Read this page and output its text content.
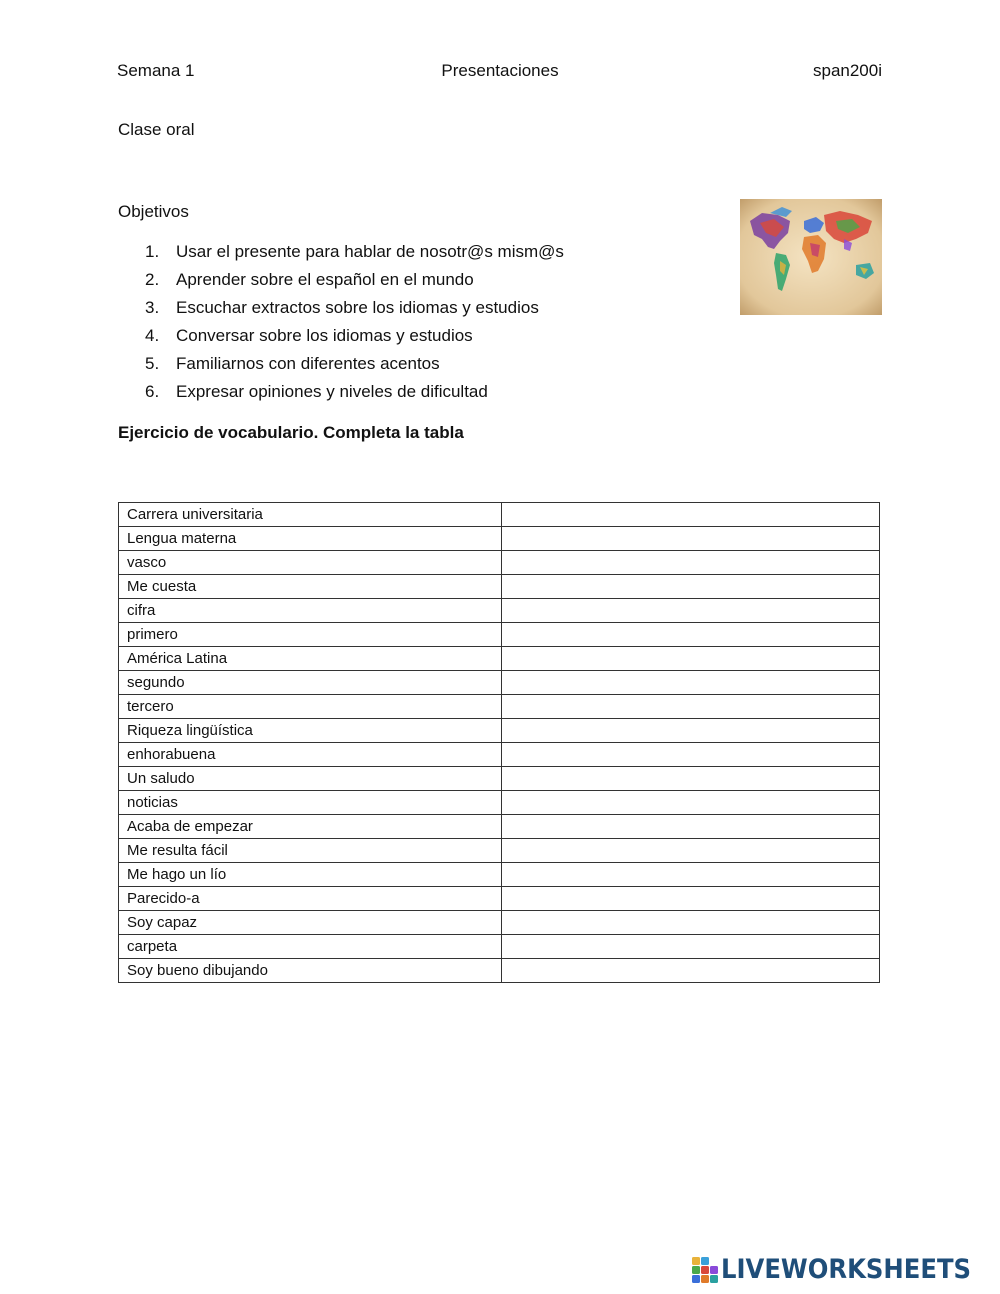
Semana 1	Presentaciones	span200i
Clase oral
Objetivos
1. Usar el presente para hablar de nosotr@s mism@s
2. Aprender sobre el español en el mundo
3. Escuchar extractos sobre los idiomas y estudios
4. Conversar sobre los idiomas y estudios
5. Familiarnos con diferentes acentos
6. Expresar opiniones y niveles de dificultad
Ejercicio de vocabulario. Completa la tabla
Carrera universitaria	
Lengua materna	
vasco	
Me cuesta	
cifra	
primero	
América Latina	
segundo	
tercero	
Riqueza lingüística	
enhorabuena	
Un saludo	
noticias	
Acaba de empezar	
Me resulta fácil	
Me hago un lío	
Parecido-a	
Soy capaz	
carpeta	
Soy bueno dibujando	
LIVEWORKSHEETS
